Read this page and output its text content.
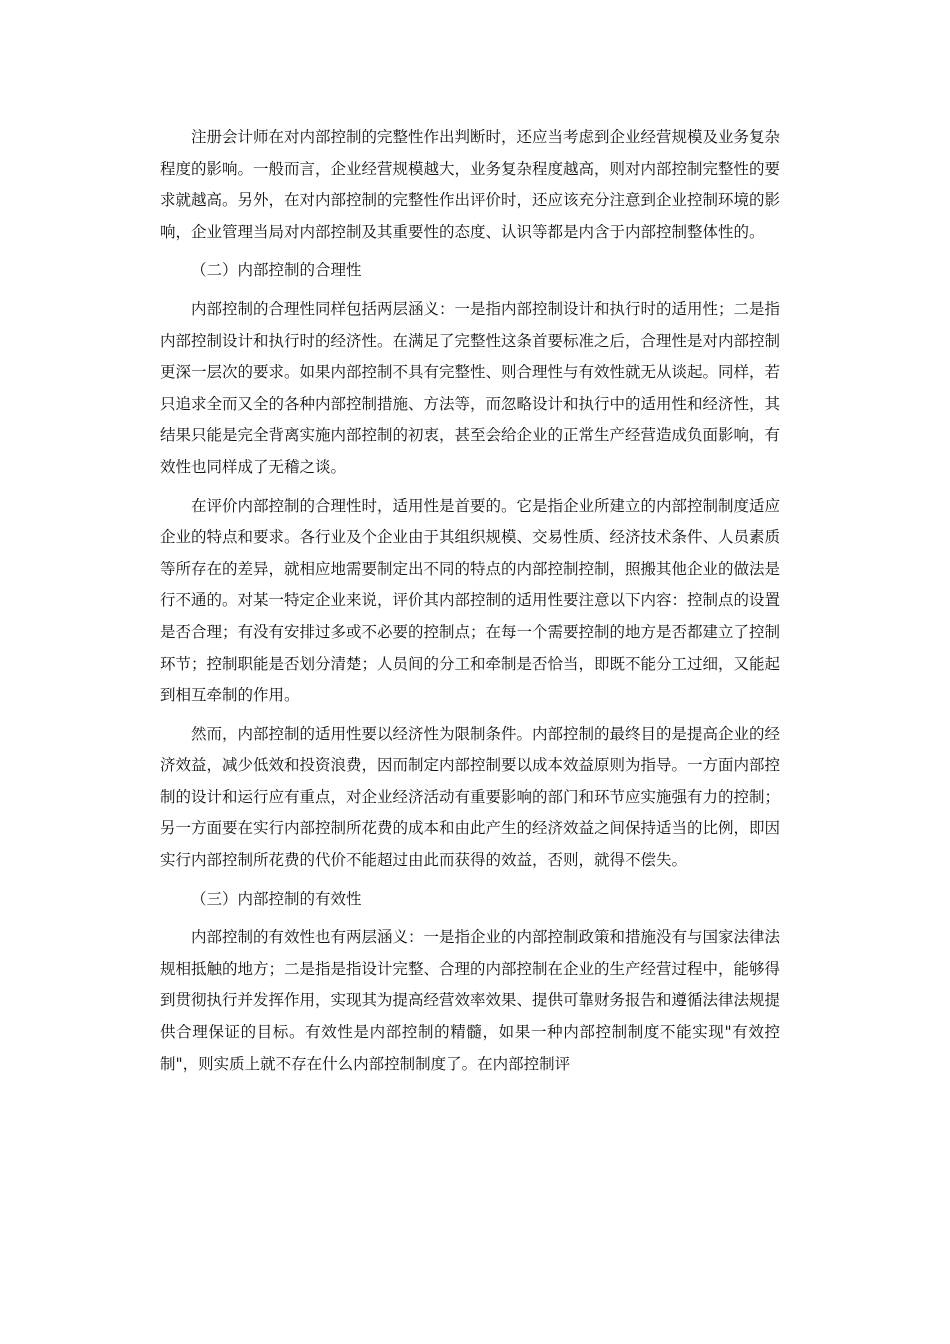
注册会计师在对内部控制的完整性作出判断时，还应当考虑到企业经营规模及业务复杂程度的影响。一般而言，企业经营规模越大，业务复杂程度越高，则对内部控制完整性的要求就越高。另外，在对内部控制的完整性作出评价时，还应该充分注意到企业控制环境的影响，企业管理当局对内部控制及其重要性的态度、认识等都是内含于内部控制整体性的。

（二）内部控制的合理性

内部控制的合理性同样包括两层涵义：一是指内部控制设计和执行时的适用性；二是指内部控制设计和执行时的经济性。在满足了完整性这条首要标准之后，合理性是对内部控制更深一层次的要求。如果内部控制不具有完整性、则合理性与有效性就无从谈起。同样，若只追求全而又全的各种内部控制措施、方法等，而忽略设计和执行中的适用性和经济性，其结果只能是完全背离实施内部控制的初衷，甚至会给企业的正常生产经营造成负面影响，有效性也同样成了无稽之谈。

在评价内部控制的合理性时，适用性是首要的。它是指企业所建立的内部控制制度适应企业的特点和要求。各行业及个企业由于其组织规模、交易性质、经济技术条件、人员素质等所存在的差异，就相应地需要制定出不同的特点的内部控制控制，照搬其他企业的做法是行不通的。对某一特定企业来说，评价其内部控制的适用性要注意以下内容：控制点的设置是否合理；有没有安排过多或不必要的控制点；在每一个需要控制的地方是否都建立了控制环节；控制职能是否划分清楚；人员间的分工和牵制是否恰当，即既不能分工过细，又能起到相互牵制的作用。

然而，内部控制的适用性要以经济性为限制条件。内部控制的最终目的是提高企业的经济效益，减少低效和投资浪费，因而制定内部控制要以成本效益原则为指导。一方面内部控制的设计和运行应有重点，对企业经济活动有重要影响的部门和环节应实施强有力的控制；另一方面要在实行内部控制所花费的成本和由此产生的经济效益之间保持适当的比例，即因实行内部控制所花费的代价不能超过由此而获得的效益，否则，就得不偿失。

（三）内部控制的有效性

内部控制的有效性也有两层涵义：一是指企业的内部控制政策和措施没有与国家法律法规相抵触的地方；二是指是指设计完整、合理的内部控制在企业的生产经营过程中，能够得到贯彻执行并发挥作用，实现其为提高经营效率效果、提供可靠财务报告和遵循法律法规提供合理保证的目标。有效性是内部控制的精髓，如果一种内部控制制度不能实现"有效控制"，则实质上就不存在什么内部控制制度了。在内部控制评
